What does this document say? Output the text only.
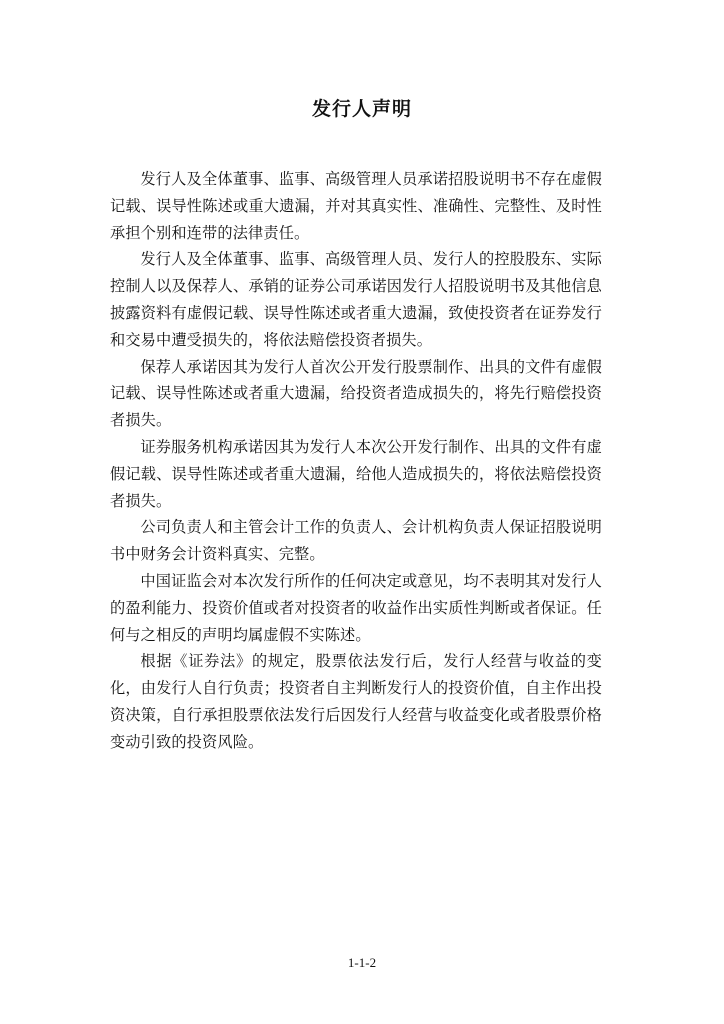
发行人声明

发行人及全体董事、监事、高级管理人员承诺招股说明书不存在虚假记载、误导性陈述或重大遗漏，并对其真实性、准确性、完整性、及时性承担个别和连带的法律责任。

发行人及全体董事、监事、高级管理人员、发行人的控股股东、实际控制人以及保荐人、承销的证券公司承诺因发行人招股说明书及其他信息披露资料有虚假记载、误导性陈述或者重大遗漏，致使投资者在证券发行和交易中遭受损失的，将依法赔偿投资者损失。

保荐人承诺因其为发行人首次公开发行股票制作、出具的文件有虚假记载、误导性陈述或者重大遗漏，给投资者造成损失的，将先行赔偿投资者损失。

证券服务机构承诺因其为发行人本次公开发行制作、出具的文件有虚假记载、误导性陈述或者重大遗漏，给他人造成损失的，将依法赔偿投资者损失。

公司负责人和主管会计工作的负责人、会计机构负责人保证招股说明书中财务会计资料真实、完整。

中国证监会对本次发行所作的任何决定或意见，均不表明其对发行人的盈利能力、投资价值或者对投资者的收益作出实质性判断或者保证。任何与之相反的声明均属虚假不实陈述。

根据《证券法》的规定，股票依法发行后，发行人经营与收益的变化，由发行人自行负责；投资者自主判断发行人的投资价值，自主作出投资决策，自行承担股票依法发行后因发行人经营与收益变化或者股票价格变动引致的投资风险。

1-1-2
